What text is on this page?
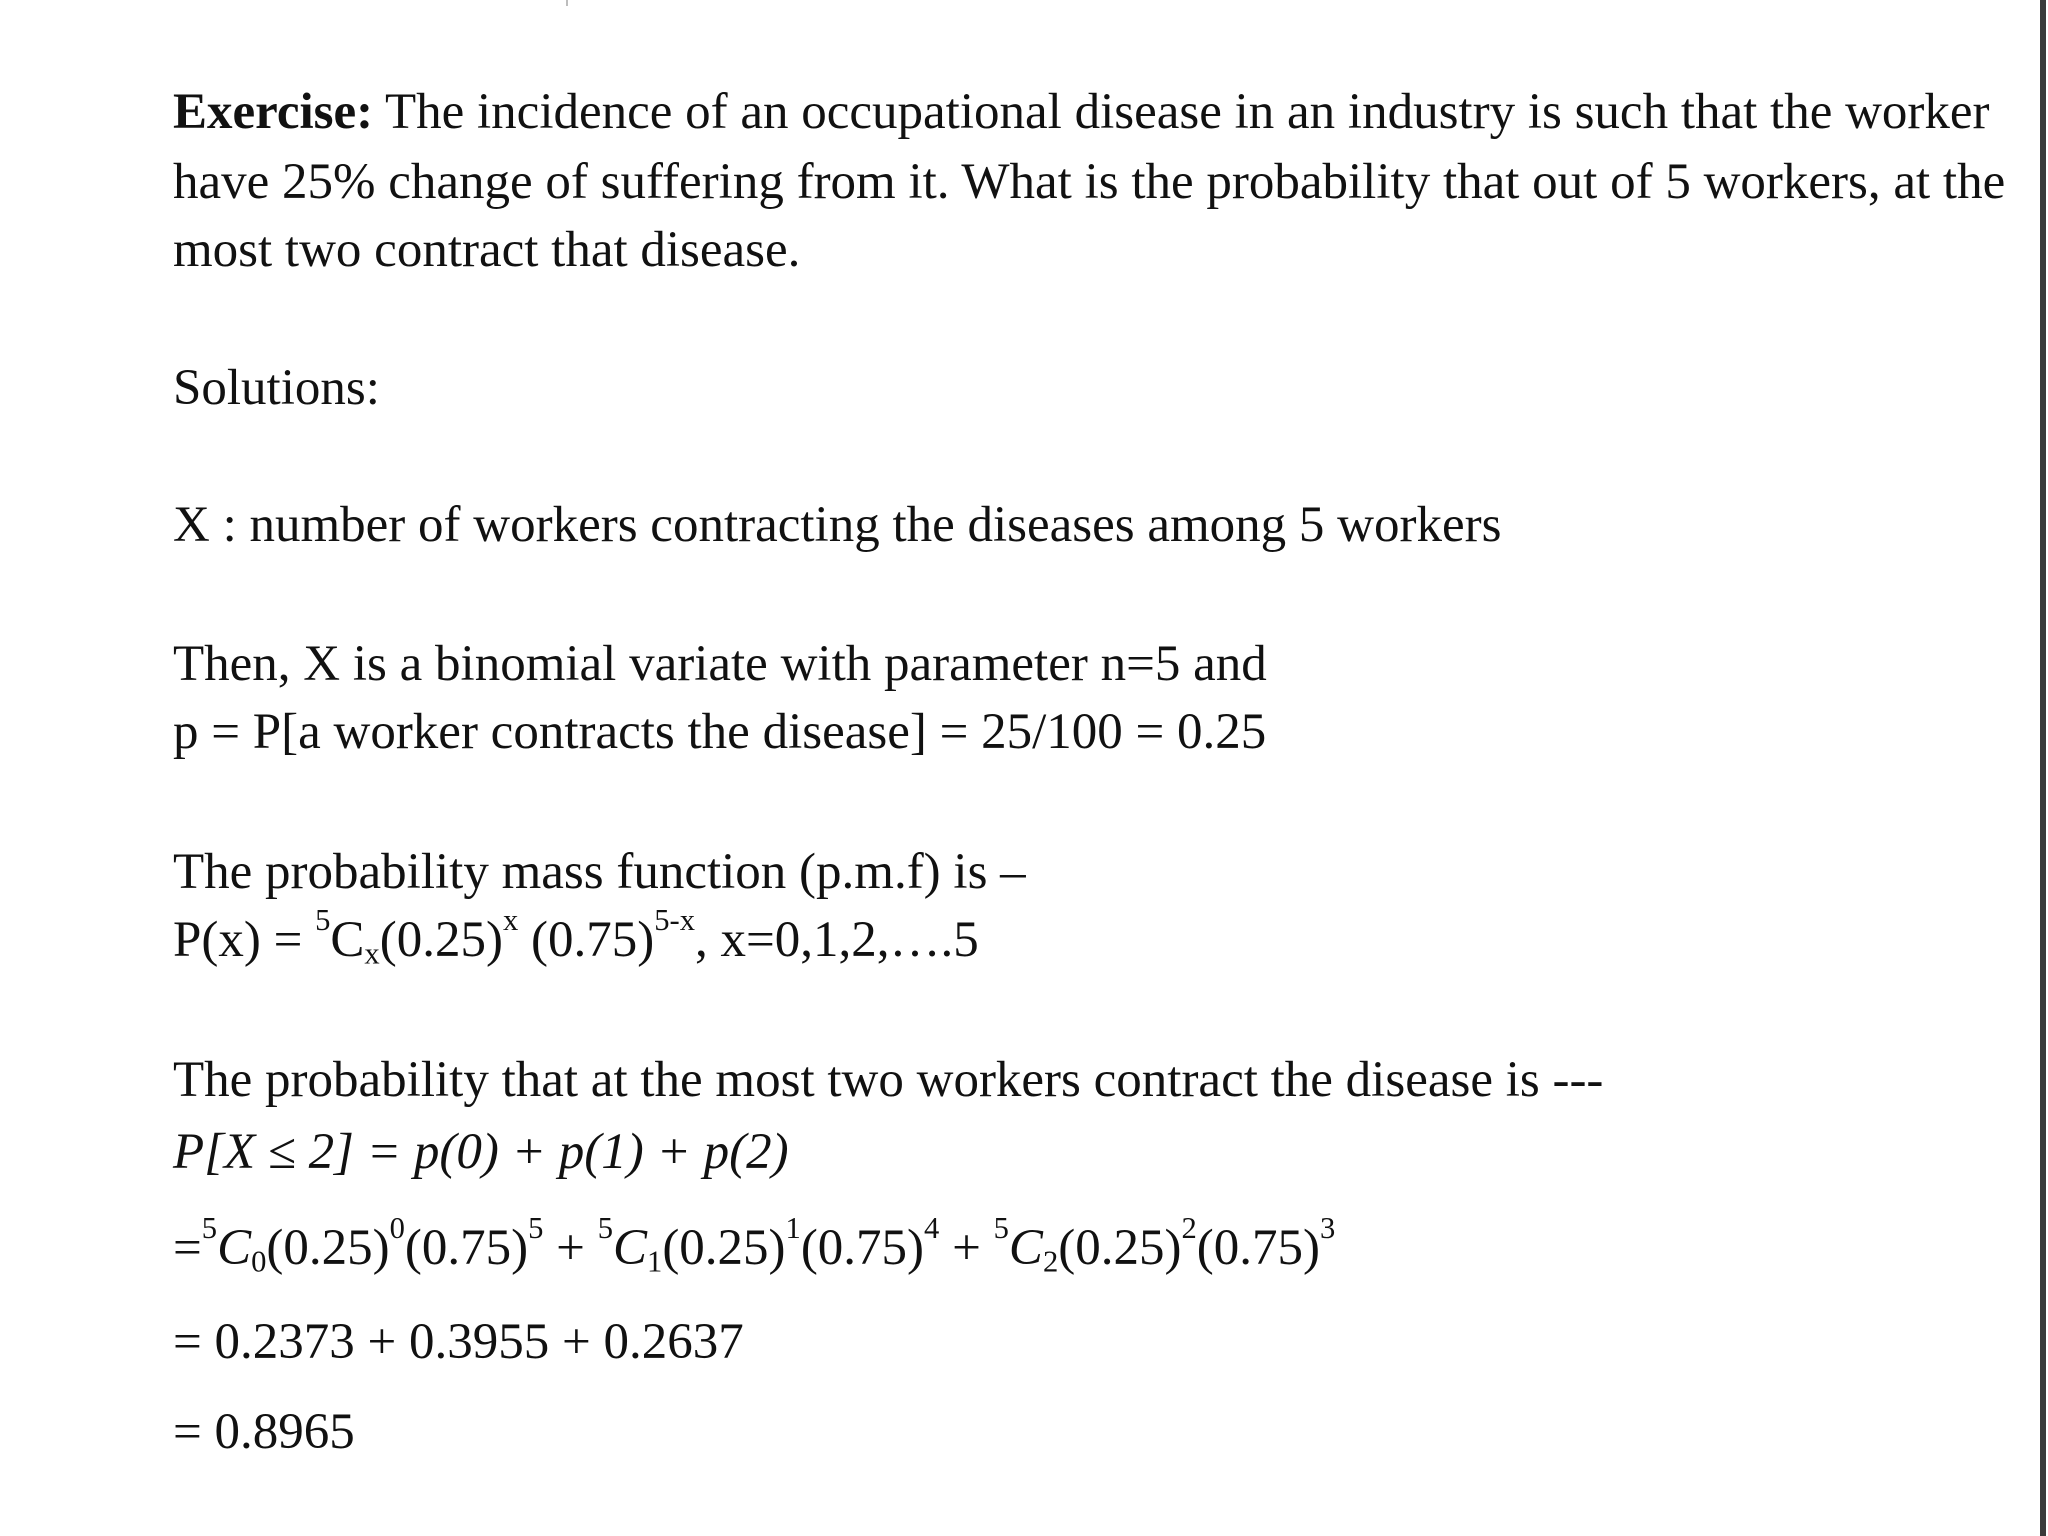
Exercise: The incidence of an occupational disease in an industry is such that the worker

have 25% change of suffering from it. What is the probability that out of 5 workers, at the

most two contract that disease.

Solutions:

X : number of workers contracting the diseases among 5 workers

Then, X is a binomial variate with parameter n=5 and

p = P[a worker contracts the disease] = 25/100 = 0.25

The probability mass function (p.m.f) is –

$P(x) = ^5C_x(0.25)^x$ $(0.75)^{5-x}$, x=0,1,2,….5

The probability that at the most two workers contract the disease is ---

P[X ≤ 2] = p(0) + p(1) + p(2)

$=^5C_0(0.25)^0(0.75)^5 + ^5C_1(0.25)^1(0.75)^4 + ^5C_2(0.25)^2(0.75)^3$

= 0.2373 + 0.3955 + 0.2637

= 0.8965
